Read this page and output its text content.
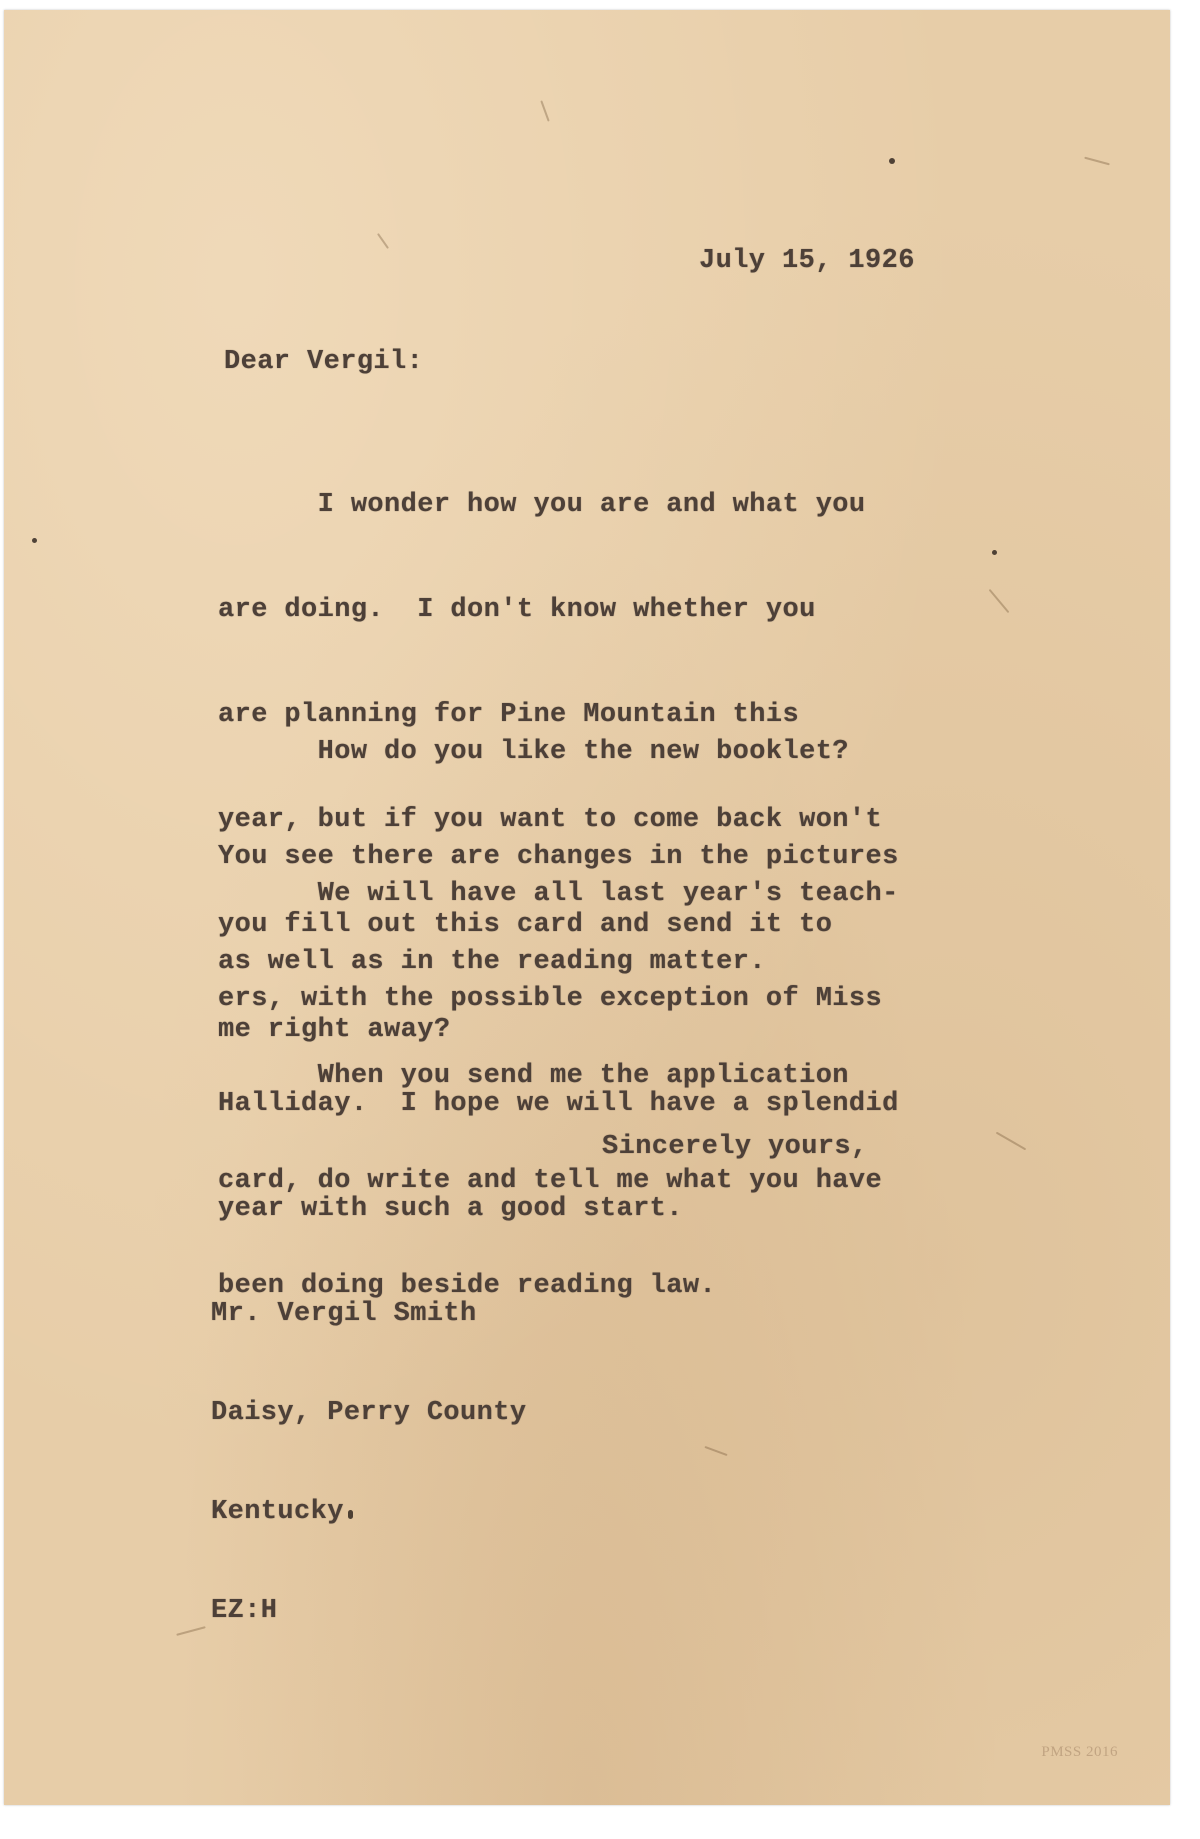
July 15, 1926
Dear Vergil:

I wonder how you are and what you

are doing.  I don't know whether you

are planning for Pine Mountain this

year, but if you want to come back won't

you fill out this card and send it to

me right away?

How do you like the new booklet?

You see there are changes in the pictures

as well as in the reading matter.

We will have all last year's teach-

ers, with the possible exception of Miss

Halliday.  I hope we will have a splendid

year with such a good start.

When you send me the application

card, do write and tell me what you have

been doing beside reading law.

Sincerely yours,

Mr. Vergil Smith

Daisy, Perry County

Kentucky

EZ:H

PMSS 2016
